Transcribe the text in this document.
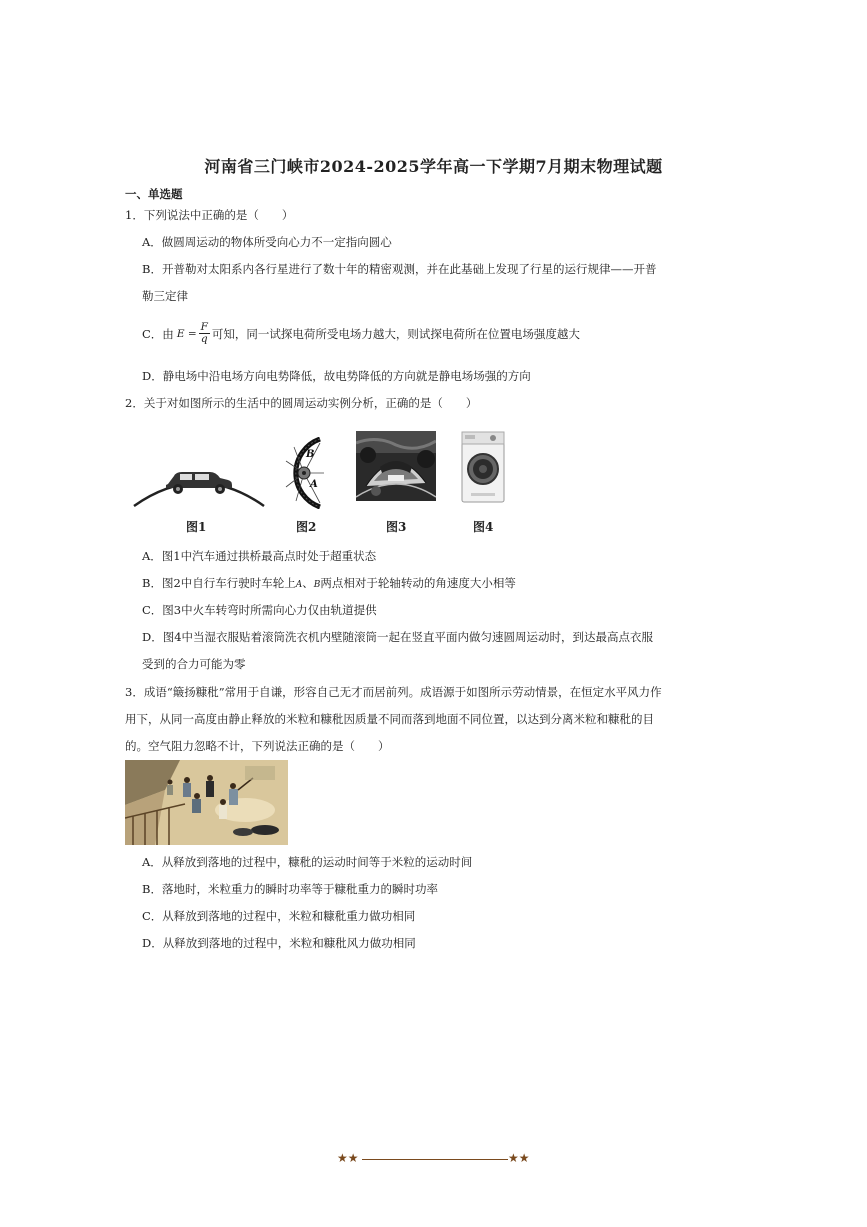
河南省三门峡市2024-2025学年高一下学期7月期末物理试题
一、单选题
1．下列说法中正确的是（　　）
A．做圆周运动的物体所受向心力不一定指向圆心
B．开普勒对太阳系内各行星进行了数十年的精密观测，并在此基础上发现了行星的运行规律——开普
勒三定律
C．由 $E = \frac{F}{q}$ 可知，同一试探电荷所受电场力越大，则试探电荷所在位置电场强度越大
D．静电场中沿电场方向电势降低，故电势降低的方向就是静电场场强的方向
2．关于对如图所示的生活中的圆周运动实例分析，正确的是（　　）
B
A
图1	图2	图3	图4
A．图1中汽车通过拱桥最高点时处于超重状态
B．图2中自行车行驶时车轮上A、B两点相对于轮轴转动的角速度大小相等
C．图3中火车转弯时所需向心力仅由轨道提供
D．图4中当湿衣服贴着滚筒洗衣机内壁随滚筒一起在竖直平面内做匀速圆周运动时，到达最高点衣服
受到的合力可能为零
3．成语“簸扬糠秕”常用于自谦，形容自己无才而居前列。成语源于如图所示劳动情景，在恒定水平风力作
用下，从同一高度由静止释放的米粒和糠秕因质量不同而落到地面不同位置，以达到分离米粒和糠秕的目
的。空气阻力忽略不计，下列说法正确的是（　　）
A．从释放到落地的过程中，糠秕的运动时间等于米粒的运动时间
B．落地时，米粒重力的瞬时功率等于糠秕重力的瞬时功率
C．从释放到落地的过程中，米粒和糠秕重力做功相同
D．从释放到落地的过程中，米粒和糠秕风力做功相同
★★	★★
